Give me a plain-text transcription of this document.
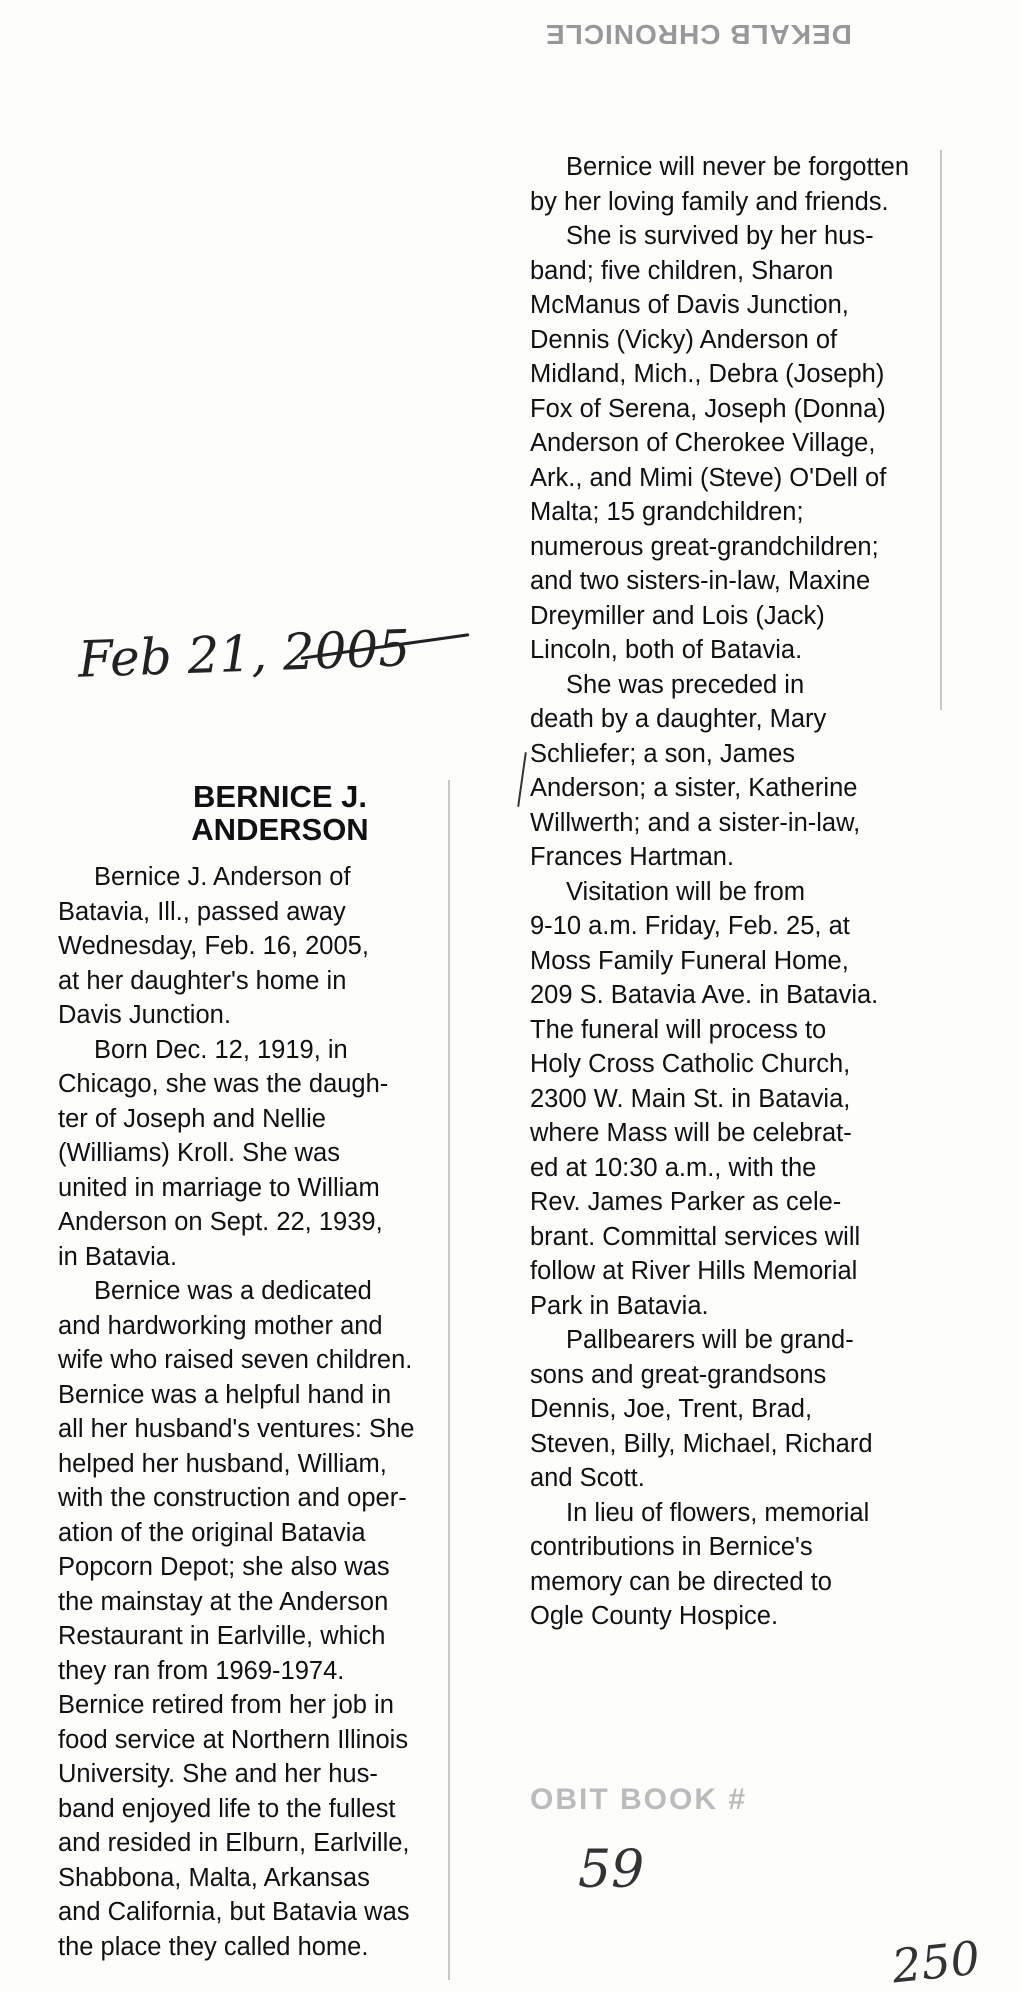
DEKALB CHRONICLE
Feb 21, 2005
BERNICE J.
ANDERSON

Bernice J. Anderson of
Batavia, Ill., passed away
Wednesday, Feb. 16, 2005,
at her daughter's home in
Davis Junction.

Born Dec. 12, 1919, in
Chicago, she was the daugh-
ter of Joseph and Nellie
(Williams) Kroll. She was
united in marriage to William
Anderson on Sept. 22, 1939,
in Batavia.

Bernice was a dedicated
and hardworking mother and
wife who raised seven children.
Bernice was a helpful hand in
all her husband's ventures: She
helped her husband, William,
with the construction and oper-
ation of the original Batavia
Popcorn Depot; she also was
the mainstay at the Anderson
Restaurant in Earlville, which
they ran from 1969-1974.
Bernice retired from her job in
food service at Northern Illinois
University. She and her hus-
band enjoyed life to the fullest
and resided in Elburn, Earlville,
Shabbona, Malta, Arkansas
and California, but Batavia was
the place they called home.

Bernice will never be forgotten
by her loving family and friends.

She is survived by her hus-
band; five children, Sharon
McManus of Davis Junction,
Dennis (Vicky) Anderson of
Midland, Mich., Debra (Joseph)
Fox of Serena, Joseph (Donna)
Anderson of Cherokee Village,
Ark., and Mimi (Steve) O'Dell of
Malta; 15 grandchildren;
numerous great-grandchildren;
and two sisters-in-law, Maxine
Dreymiller and Lois (Jack)
Lincoln, both of Batavia.

She was preceded in
death by a daughter, Mary
Schliefer; a son, James
Anderson; a sister, Katherine
Willwerth; and a sister-in-law,
Frances Hartman.

Visitation will be from
9-10 a.m. Friday, Feb. 25, at
Moss Family Funeral Home,
209 S. Batavia Ave. in Batavia.
The funeral will process to
Holy Cross Catholic Church,
2300 W. Main St. in Batavia,
where Mass will be celebrat-
ed at 10:30 a.m., with the
Rev. James Parker as cele-
brant. Committal services will
follow at River Hills Memorial
Park in Batavia.

Pallbearers will be grand-
sons and great-grandsons
Dennis, Joe, Trent, Brad,
Steven, Billy, Michael, Richard
and Scott.

In lieu of flowers, memorial
contributions in Bernice's
memory can be directed to
Ogle County Hospice.

OBIT BOOK #
59
250
